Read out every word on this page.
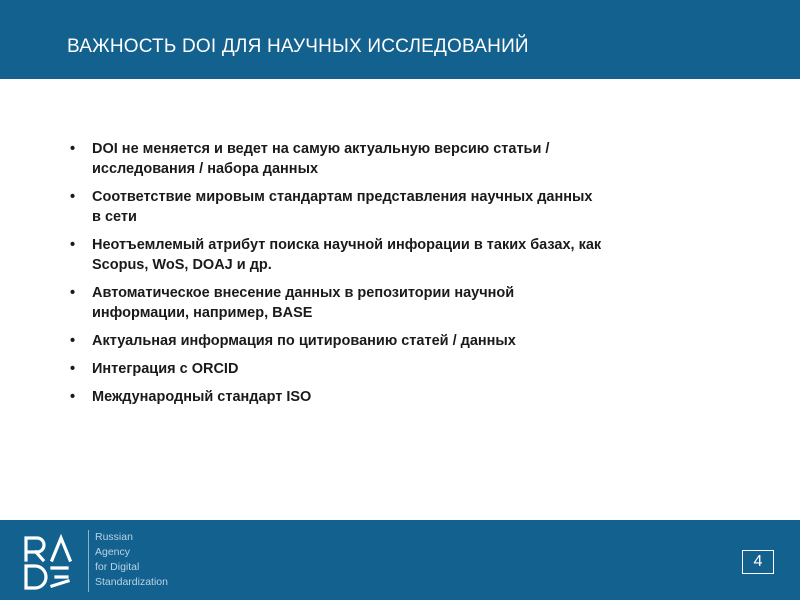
ВАЖНОСТЬ DOI ДЛЯ НАУЧНЫХ ИССЛЕДОВАНИЙ
•	DOI не меняется и ведет на самую актуальную версию статьи /
исследования / набора данных
•	Соответствие мировым стандартам представления научных данных
в сети
•	Неотъемлемый атрибут поиска научной инфорации в таких базах, как
Scopus, WoS, DOAJ и др.
•	Автоматическое внесение данных в репозитории научной
информации, например, BASE
•	Актуальная информация по цитированию статей / данных
•	Интеграция с ORCID
•	Международный стандарт ISO
Russian
Agency
for Digital
Standardization
4
